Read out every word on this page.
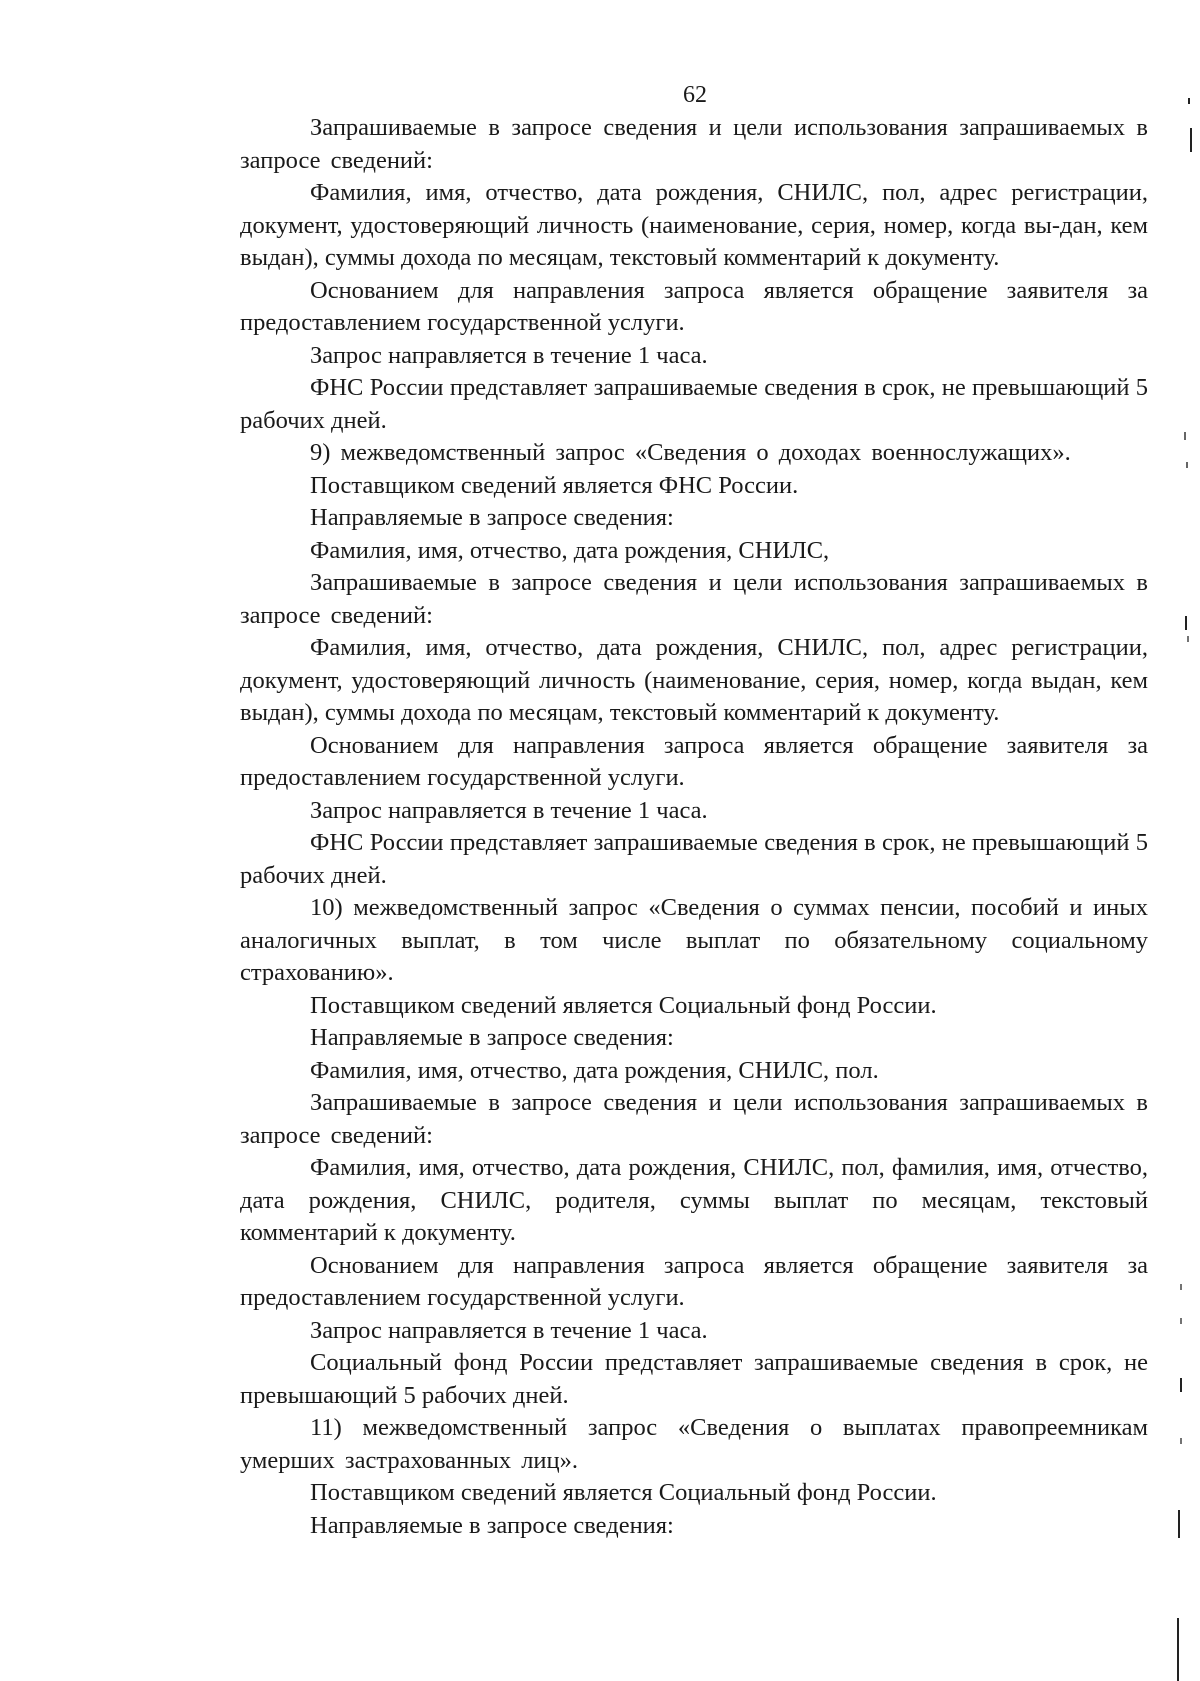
62

Запрашиваемые в запросе сведения и цели использования запрашиваемых в запросе сведений:

Фамилия, имя, отчество, дата рождения, СНИЛС, пол, адрес регистрации, документ, удостоверяющий личность (наименование, серия, номер, когда вы-дан, кем выдан), суммы дохода по месяцам, текстовый комментарий к документу.

Основанием для направления запроса является обращение заявителя за предоставлением государственной услуги.

Запрос направляется в течение 1 часа.

ФНС России представляет запрашиваемые сведения в срок, не превышающий 5 рабочих дней.

9) межведомственный запрос «Сведения о доходах военнослужащих».

Поставщиком сведений является ФНС России.

Направляемые в запросе сведения:

Фамилия, имя, отчество, дата рождения, СНИЛС,

Запрашиваемые в запросе сведения и цели использования запрашиваемых в запросе сведений:

Фамилия, имя, отчество, дата рождения, СНИЛС, пол, адрес регистрации, документ, удостоверяющий личность (наименование, серия, номер, когда выдан, кем выдан), суммы дохода по месяцам, текстовый комментарий к документу.

Основанием для направления запроса является обращение заявителя за предоставлением государственной услуги.

Запрос направляется в течение 1 часа.

ФНС России представляет запрашиваемые сведения в срок, не превышающий 5 рабочих дней.

10) межведомственный запрос «Сведения о суммах пенсии, пособий и иных аналогичных выплат, в том числе выплат по обязательному социальному страхованию».

Поставщиком сведений является Социальный фонд России.

Направляемые в запросе сведения:

Фамилия, имя, отчество, дата рождения, СНИЛС, пол.

Запрашиваемые в запросе сведения и цели использования запрашиваемых в запросе сведений:

Фамилия, имя, отчество, дата рождения, СНИЛС, пол, фамилия, имя, отчество, дата рождения, СНИЛС, родителя, суммы выплат по месяцам, текстовый комментарий к документу.

Основанием для направления запроса является обращение заявителя за предоставлением государственной услуги.

Запрос направляется в течение 1 часа.

Социальный фонд России представляет запрашиваемые сведения в срок, не превышающий 5 рабочих дней.

11) межведомственный запрос «Сведения о выплатах правопреемникам умерших застрахованных лиц».

Поставщиком сведений является Социальный фонд России.

Направляемые в запросе сведения:
